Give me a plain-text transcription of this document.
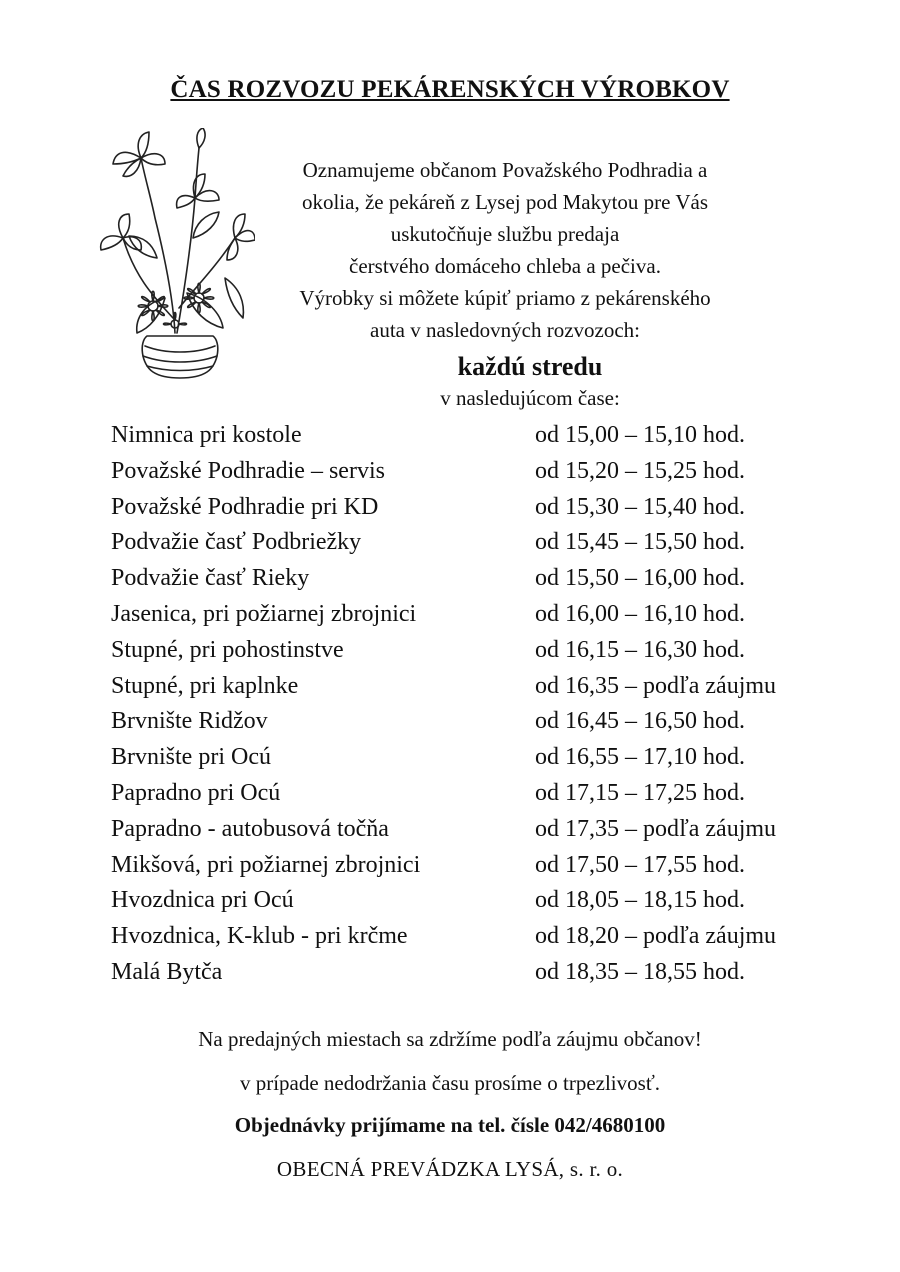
ČAS ROZVOZU PEKÁRENSKÝCH VÝROBKOV
Oznamujeme občanom Považského Podhradia a
okolia, že pekáreň z Lysej pod Makytou pre Vás
uskutočňuje službu predaja
čerstvého domáceho chleba a pečiva.
Výrobky si môžete kúpiť priamo z pekárenského
auta v nasledovných rozvozoch:
každú stredu
v nasledujúcom čase:
Nimnica pri kostole	od 15,00 – 15,10 hod.
Považské Podhradie – servis	od 15,20 – 15,25 hod.
Považské Podhradie pri KD	od 15,30 – 15,40 hod.
Podvažie časť Podbriežky	od 15,45 – 15,50 hod.
Podvažie časť Rieky	od 15,50 – 16,00 hod.
Jasenica, pri požiarnej zbrojnici	od 16,00 – 16,10 hod.
Stupné, pri pohostinstve	od 16,15 – 16,30 hod.
Stupné, pri kaplnke	od 16,35 – podľa záujmu
Brvnište Ridžov	od 16,45 – 16,50 hod.
Brvnište pri Ocú	od 16,55 – 17,10 hod.
Papradno pri Ocú	od 17,15 – 17,25 hod.
Papradno - autobusová točňa	od 17,35 – podľa záujmu
Mikšová, pri požiarnej zbrojnici	od 17,50 – 17,55 hod.
Hvozdnica pri Ocú	od 18,05 – 18,15 hod.
Hvozdnica, K-klub - pri krčme	od 18,20 – podľa záujmu
Malá Bytča	od 18,35 – 18,55 hod.
Na predajných miestach sa zdržíme podľa záujmu občanov!
v prípade nedodržania času prosíme o trpezlivosť.
Objednávky prijímame na tel. čísle 042/4680100
OBECNÁ PREVÁDZKA LYSÁ, s. r. o.
